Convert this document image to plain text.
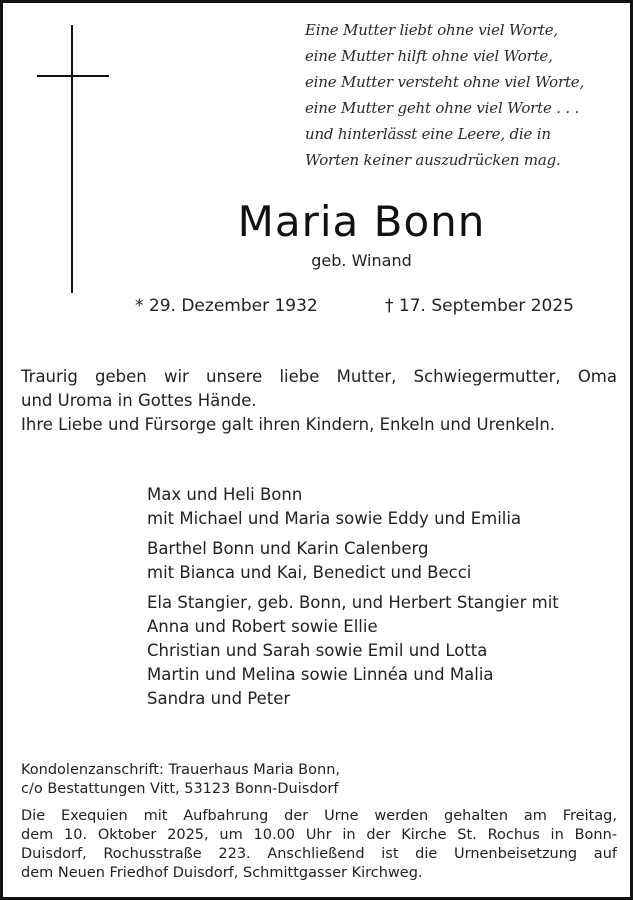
Eine Mutter liebt ohne viel Worte,
eine Mutter hilft ohne viel Worte,
eine Mutter versteht ohne viel Worte,
eine Mutter geht ohne viel Worte . . .
und hinterlässt eine Leere, die in
Worten keiner auszudrücken mag.
Maria Bonn
geb. Winand
* 29. Dezember 1932	† 17. September 2025
Traurig geben wir unsere liebe Mutter, Schwiegermutter, Oma
und Uroma in Gottes Hände.
Ihre Liebe und Fürsorge galt ihren Kindern, Enkeln und Urenkeln.
Max und Heli Bonn
mit Michael und Maria sowie Eddy und Emilia
Barthel Bonn und Karin Calenberg
mit Bianca und Kai, Benedict und Becci
Ela Stangier, geb. Bonn, und Herbert Stangier mit
Anna und Robert sowie Ellie
Christian und Sarah sowie Emil und Lotta
Martin und Melina sowie Linnéa und Malia
Sandra und Peter
Kondolenzanschrift: Trauerhaus Maria Bonn,
c/o Bestattungen Vitt, 53123 Bonn-Duisdorf
Die Exequien mit Aufbahrung der Urne werden gehalten am Freitag,
dem 10. Oktober 2025, um 10.00 Uhr in der Kirche St. Rochus in Bonn-
Duisdorf, Rochusstraße 223. Anschließend ist die Urnenbeisetzung auf
dem Neuen Friedhof Duisdorf, Schmittgasser Kirchweg.
